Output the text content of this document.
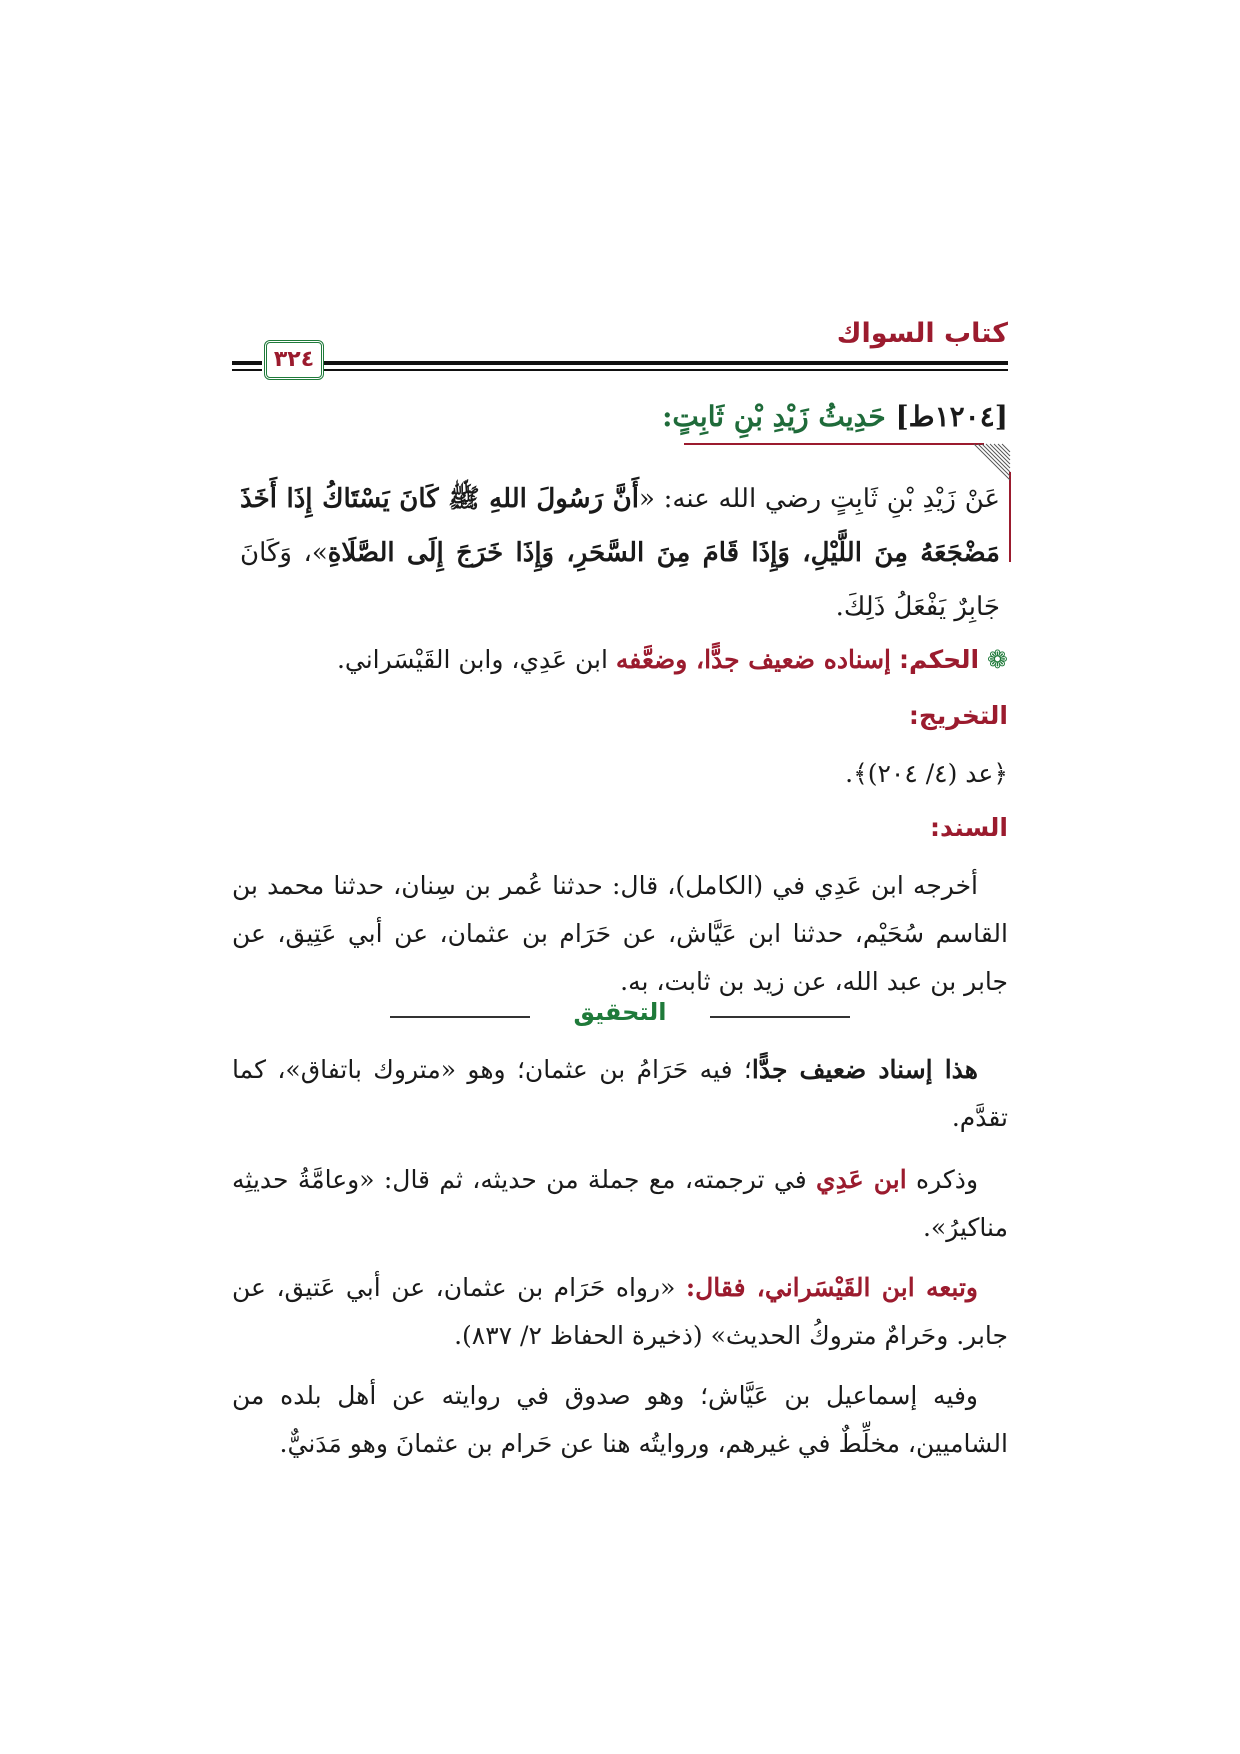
كتاب السواك
٣٢٤
[١٢٠٤ط] حَدِيثُ زَيْدِ بْنِ ثَابِتٍ:
عَنْ زَيْدِ بْنِ ثَابِتٍ رضي الله عنه: «أَنَّ رَسُولَ اللهِ ﷺ كَانَ يَسْتَاكُ إِذَا أَخَذَ مَضْجَعَهُ مِنَ اللَّيْلِ، وَإِذَا قَامَ مِنَ السَّحَرِ، وَإِذَا خَرَجَ إِلَى الصَّلَاةِ»، وَكَانَ جَابِرٌ يَفْعَلُ ذَلِكَ.
❁ الحكم: إسناده ضعيف جدًّا، وضعَّفه ابن عَدِي، وابن القَيْسَراني.
التخريج:
﴿عد (٤/ ٢٠٤)﴾.
السند:
أخرجه ابن عَدِي في (الكامل)، قال: حدثنا عُمر بن سِنان، حدثنا محمد بن القاسم سُحَيْم، حدثنا ابن عَيَّاش، عن حَرَام بن عثمان، عن أبي عَتِيق، عن جابر بن عبد الله، عن زيد بن ثابت، به.
التحقيق
هذا إسناد ضعيف جدًّا؛ فيه حَرَامُ بن عثمان؛ وهو «متروك باتفاق»، كما تقدَّم.
وذكره ابن عَدِي في ترجمته، مع جملة من حديثه، ثم قال: «وعامَّةُ حديثِه مناكيرُ».
وتبعه ابن القَيْسَراني، فقال: «رواه حَرَام بن عثمان، عن أبي عَتيق، عن جابر. وحَرامٌ متروكُ الحديث» (ذخيرة الحفاظ ٢/ ٨٣٧).
وفيه إسماعيل بن عَيَّاش؛ وهو صدوق في روايته عن أهل بلده من الشاميين، مخلِّطٌ في غيرهم، وروايتُه هنا عن حَرام بن عثمانَ وهو مَدَنيٌّ.
